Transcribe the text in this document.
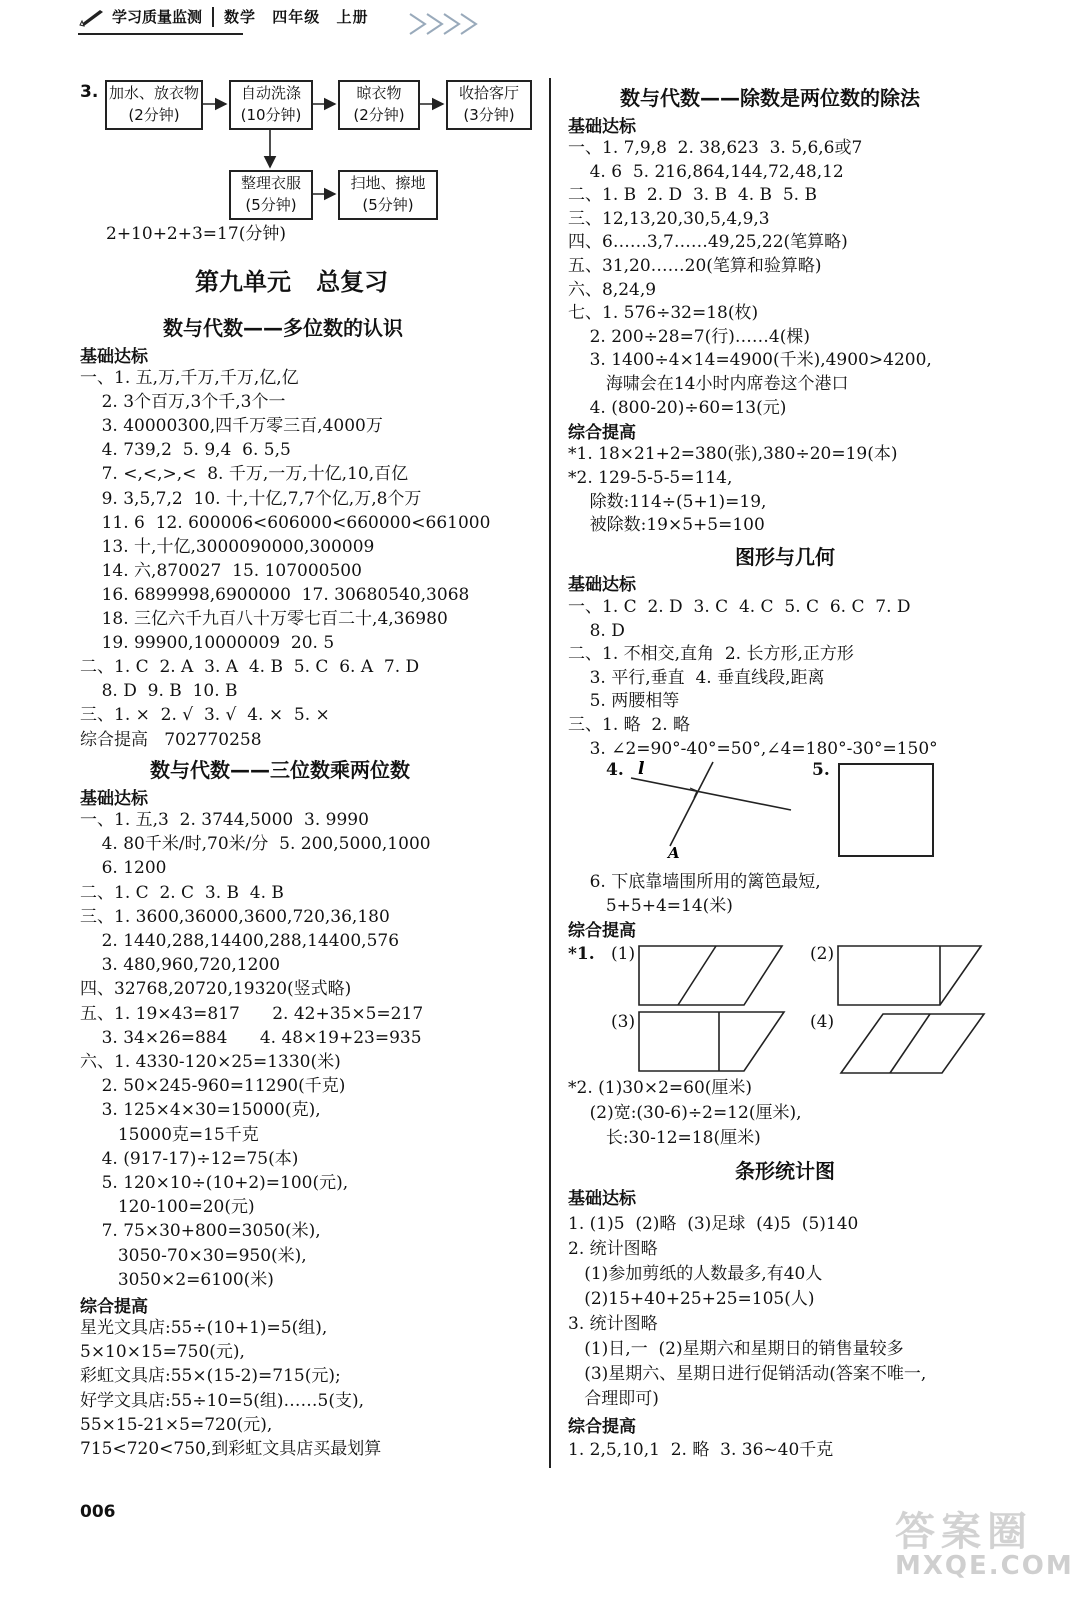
学习质量监测 数学 四年级 上册
3. 加水、放衣物
(2分钟)
自动洗涤
(10分钟)
晾衣物
(2分钟)
收拾客厅
(3分钟)
整理衣服
(5分钟)
扫地、擦地
(5分钟)
2+10+2+3=17(分钟)
第九单元   总复习
数与代数——多位数的认识
基础达标
一、1. 五,万,千万,千万,亿,亿
2. 3个百万,3个千,3个一
3. 40000300,四千万零三百,4000万
4. 739,2  5. 9,4  6. 5,5
7. <,<,>,<  8. 千万,一万,十亿,10,百亿
9. 3,5,7,2  10. 十,十亿,7,7个亿,万,8个万
11. 6  12. 600006<606000<660000<661000
13. 十,十亿,3000090000,300009
14. 六,870027  15. 107000500
16. 6899998,6900000  17. 30680540,3068
18. 三亿六千九百八十万零七百二十,4,36980
19. 99900,10000009  20. 5
二、1. C  2. A  3. A  4. B  5. C  6. A  7. D
8. D  9. B  10. B
三、1. ×  2. √  3. √  4. ×  5. ×
综合提高   702770258
数与代数——三位数乘两位数
基础达标
一、1. 五,3  2. 3744,5000  3. 9990
4. 80千米/时,70米/分  5. 200,5000,1000
6. 1200
二、1. C  2. C  3. B  4. B
三、1. 3600,36000,3600,720,36,180
2. 1440,288,14400,288,14400,576
3. 480,960,720,1200
四、32768,20720,19320(竖式略)
五、1. 19×43=817      2. 42+35×5=217
3. 34×26=884      4. 48×19+23=935
六、1. 4330-120×25=1330(米)
2. 50×245-960=11290(千克)
3. 125×4×30=15000(克),
15000克=15千克
4. (917-17)÷12=75(本)
5. 120×10÷(10+2)=100(元),
120-100=20(元)
7. 75×30+800=3050(米),
3050-70×30=950(米),
3050×2=6100(米)
综合提高
星光文具店:55÷(10+1)=5(组),
5×10×15=750(元),
彩虹文具店:55×(15-2)=715(元);
好学文具店:55÷10=5(组)……5(支),
55×15-21×5=720(元),
715<720<750,到彩虹文具店买最划算
数与代数——除数是两位数的除法
基础达标
一、1. 7,9,8  2. 38,623  3. 5,6,6或7
4. 6  5. 216,864,144,72,48,12
二、1. B  2. D  3. B  4. B  5. B
三、12,13,20,30,5,4,9,3
四、6……3,7……49,25,22(笔算略)
五、31,20……20(笔算和验算略)
六、8,24,9
七、1. 576÷32=18(枚)
2. 200÷28=7(行)……4(棵)
3. 1400÷4×14=4900(千米),4900>4200,
海啸会在14小时内席卷这个港口
4. (800-20)÷60=13(元)
综合提高
*1. 18×21+2=380(张),380÷20=19(本)
*2. 129-5-5-5=114,
除数:114÷(5+1)=19,
被除数:19×5+5=100
图形与几何
基础达标
一、1. C  2. D  3. C  4. C  5. C  6. C  7. D
8. D
二、1. 不相交,直角  2. 长方形,正方形
3. 平行,垂直  4. 垂直线段,距离
5. 两腰相等
三、1. 略  2. 略
3. ∠2=90°-40°=50°,∠4=180°-30°=150°
4. l
A
5.
6. 下底靠墙围所用的篱笆最短,
5+5+4=14(米)
综合提高
*1. (1)	(2)
(3)	(4)
*2. (1)30×2=60(厘米)
(2)宽:(30-6)÷2=12(厘米),
长:30-12=18(厘米)
条形统计图
基础达标
1. (1)5  (2)略  (3)足球  (4)5  (5)140
2. 统计图略
(1)参加剪纸的人数最多,有40人
(2)15+40+25+25=105(人)
3. 统计图略
(1)日,一  (2)星期六和星期日的销售量较多
(3)星期六、星期日进行促销活动(答案不唯一,
合理即可)
综合提高
1. 2,5,10,1  2. 略  3. 36~40千克
006	答案圈
MXQE.COM
